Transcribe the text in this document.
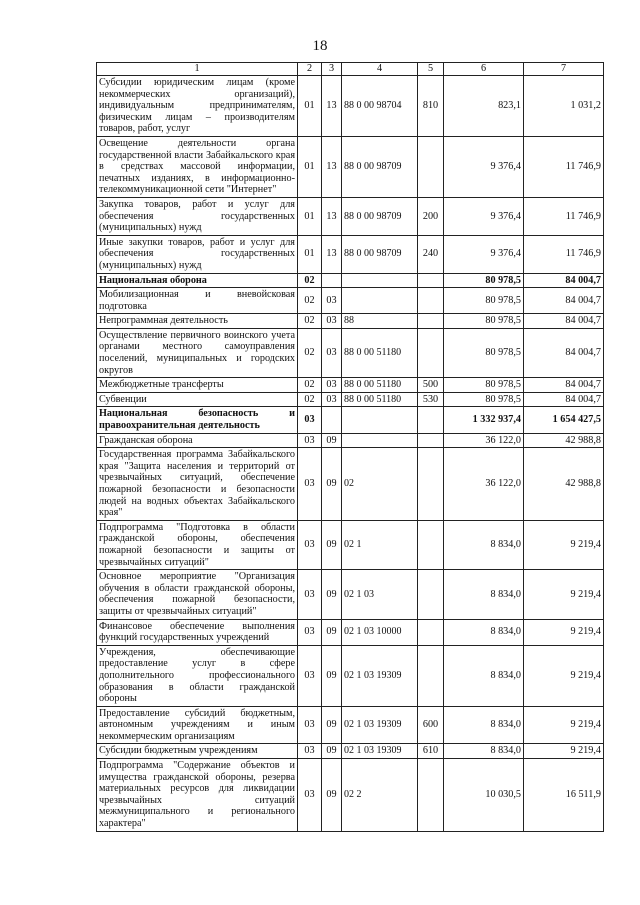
18
1	2	3	4	5	6	7
Субсидии юридическим лицам (кроме некоммерческих организаций), индивидуальным предпринимателям, физическим лицам – производителям товаров, работ, услуг	01	13	88 0 00 98704	810	823,1	1 031,2
Освещение деятельности органа государственной власти Забайкальского края в средствах массовой информации, печатных изданиях, в информационно-телекоммуникационной сети "Интернет"	01	13	88 0 00 98709		9 376,4	11 746,9
Закупка товаров, работ и услуг для обеспечения государственных (муниципальных) нужд	01	13	88 0 00 98709	200	9 376,4	11 746,9
Иные закупки товаров, работ и услуг для обеспечения государственных (муниципальных) нужд	01	13	88 0 00 98709	240	9 376,4	11 746,9
Национальная оборона	02				80 978,5	84 004,7
Мобилизационная и вневойсковая подготовка	02	03			80 978,5	84 004,7
Непрограммная деятельность	02	03	88		80 978,5	84 004,7
Осуществление первичного воинского учета органами местного самоуправления поселений, муниципальных и городских округов	02	03	88 0 00 51180		80 978,5	84 004,7
Межбюджетные трансферты	02	03	88 0 00 51180	500	80 978,5	84 004,7
Субвенции	02	03	88 0 00 51180	530	80 978,5	84 004,7
Национальная безопасность и правоохранительная деятельность	03				1 332 937,4	1 654 427,5
Гражданская оборона	03	09			36 122,0	42 988,8
Государственная программа Забайкальского края "Защита населения и территорий от чрезвычайных ситуаций, обеспечение пожарной безопасности и безопасности людей на водных объектах Забайкальского края"	03	09	02		36 122,0	42 988,8
Подпрограмма "Подготовка в области гражданской обороны, обеспечения пожарной безопасности и защиты от чрезвычайных ситуаций"	03	09	02 1		8 834,0	9 219,4
Основное мероприятие "Организация обучения в области гражданской обороны, обеспечения пожарной безопасности, защиты от чрезвычайных ситуаций"	03	09	02 1 03		8 834,0	9 219,4
Финансовое обеспечение выполнения функций государственных учреждений	03	09	02 1 03 10000		8 834,0	9 219,4
Учреждения, обеспечивающие предоставление услуг в сфере дополнительного профессионального образования в области гражданской обороны	03	09	02 1 03 19309		8 834,0	9 219,4
Предоставление субсидий бюджетным, автономным учреждениям и иным некоммерческим организациям	03	09	02 1 03 19309	600	8 834,0	9 219,4
Субсидии бюджетным учреждениям	03	09	02 1 03 19309	610	8 834,0	9 219,4
Подпрограмма "Содержание объектов и имущества гражданской обороны, резерва материальных ресурсов для ликвидации чрезвычайных ситуаций межмуниципального и регионального характера"	03	09	02 2		10 030,5	16 511,9
